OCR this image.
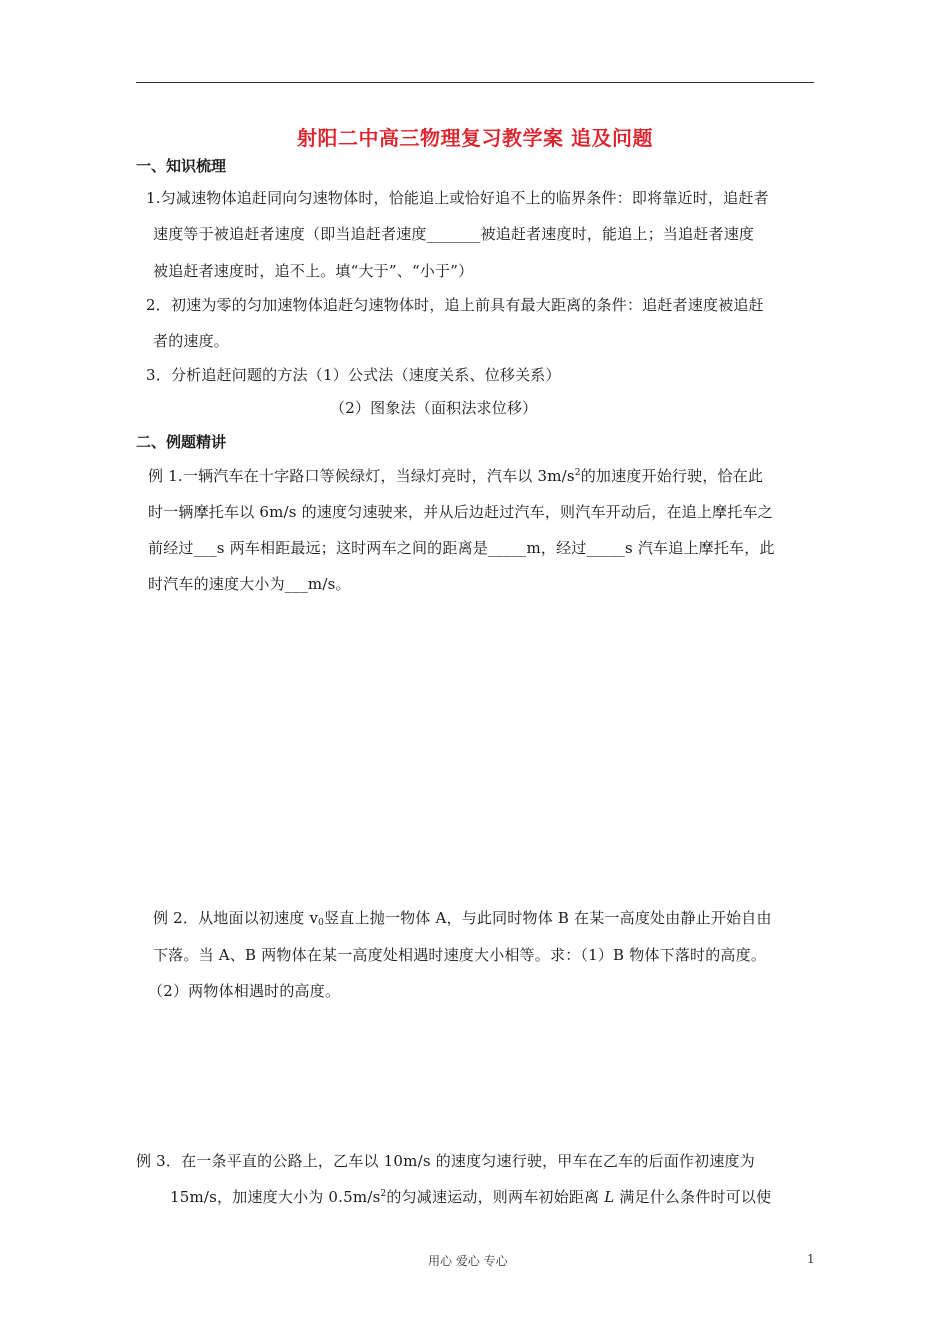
射阳二中高三物理复习教学案 追及问题
一、知识梳理
1.匀减速物体追赶同向匀速物体时，恰能追上或恰好追不上的临界条件：即将靠近时，追赶者
速度等于被追赶者速度（即当追赶者速度_______被追赶者速度时，能追上；当追赶者速度
被追赶者速度时，追不上。填“大于”、“小于”）
2．初速为零的匀加速物体追赶匀速物体时，追上前具有最大距离的条件：追赶者速度被追赶
者的速度。
3．分析追赶问题的方法（1）公式法（速度关系、位移关系）
（2）图象法（面积法求位移）
二、例题精讲
例 1.一辆汽车在十字路口等候绿灯，当绿灯亮时，汽车以 $3m/s^2$的加速度开始行驶，恰在此
时一辆摩托车以 6m/s 的速度匀速驶来，并从后边赶过汽车，则汽车开动后，在追上摩托车之
前经过___s 两车相距最远；这时两车之间的距离是_____m，经过_____s 汽车追上摩托车，此
时汽车的速度大小为___m/s。
例 2．从地面以初速度 $v_0$竖直上抛一物体 A，与此同时物体 B 在某一高度处由静止开始自由
下落。当 A、B 两物体在某一高度处相遇时速度大小相等。求：（1）B 物体下落时的高度。
（2）两物体相遇时的高度。
例 3．在一条平直的公路上，乙车以 10m/s 的速度匀速行驶，甲车在乙车的后面作初速度为
15m/s，加速度大小为 $0.5m/s^2$的匀减速运动，则两车初始距离 L 满足什么条件时可以使
用心 爱心 专心	1
